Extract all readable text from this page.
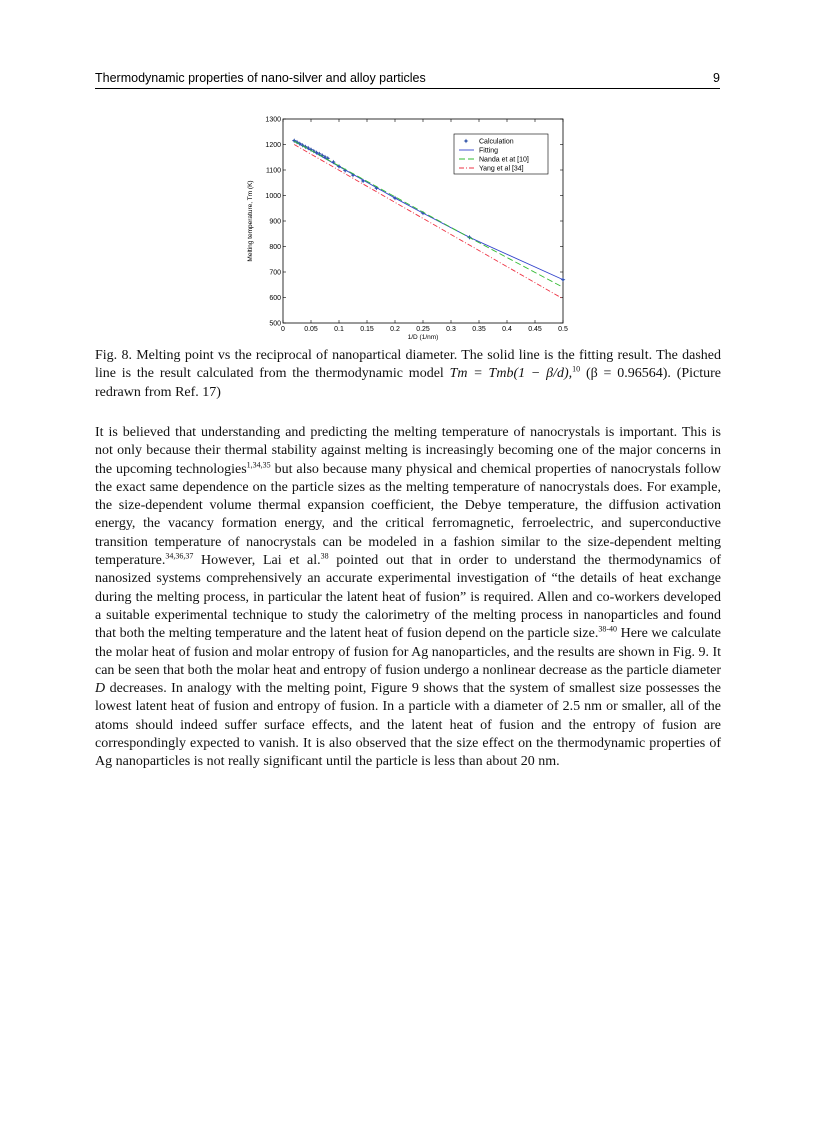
Thermodynamic properties of nano-silver and alloy particles	9
0	0.05 0.1 0.15 0.2 0.25 0.3 0.35 0.4 0.45 0.5
500
600
700
800
900
1000
1100
1200
1300
1/D (1/nm)
Melting temperature, Tm (K)
Calculation
Fitting
Nanda et at [10]
Yang et al [34]
Fig. 8. Melting point vs the reciprocal of nanopartical diameter. The solid line is the fitting result. The dashed line is the result calculated from the thermodynamic model Tm = Tmb(1 − β/d),$^{10}$ (β = 0.96564). (Picture redrawn from Ref. 17)

It is believed that understanding and predicting the melting temperature of nanocrystals is important. This is not only because their thermal stability against melting is increasingly becoming one of the major concerns in the upcoming technologies$^{1,34,35}$ but also because many physical and chemical properties of nanocrystals follow the exact same dependence on the particle sizes as the melting temperature of nanocrystals does. For example, the size-dependent volume thermal expansion coefficient, the Debye temperature, the diffusion activation energy, the vacancy formation energy, and the critical ferromagnetic, ferroelectric, and superconductive transition temperature of nanocrystals can be modeled in a fashion similar to the size-dependent melting temperature.$^{34,36,37}$ However, Lai et al.$^{38}$ pointed out that in order to understand the thermodynamics of nanosized systems comprehensively an accurate experimental investigation of “the details of heat exchange during the melting process, in particular the latent heat of fusion” is required. Allen and co-workers developed a suitable experimental technique to study the calorimetry of the melting process in nanoparticles and found that both the melting temperature and the latent heat of fusion depend on the particle size.$^{38-40}$ Here we calculate the molar heat of fusion and molar entropy of fusion for Ag nanoparticles, and the results are shown in Fig. 9. It can be seen that both the molar heat and entropy of fusion undergo a nonlinear decrease as the particle diameter D decreases. In analogy with the melting point, Figure 9 shows that the system of smallest size possesses the lowest latent heat of fusion and entropy of fusion. In a particle with a diameter of 2.5 nm or smaller, all of the atoms should indeed suffer surface effects, and the latent heat of fusion and the entropy of fusion are correspondingly expected to vanish. It is also observed that the size effect on the thermodynamic properties of Ag nanoparticles is not really significant until the particle is less than about 20 nm.
